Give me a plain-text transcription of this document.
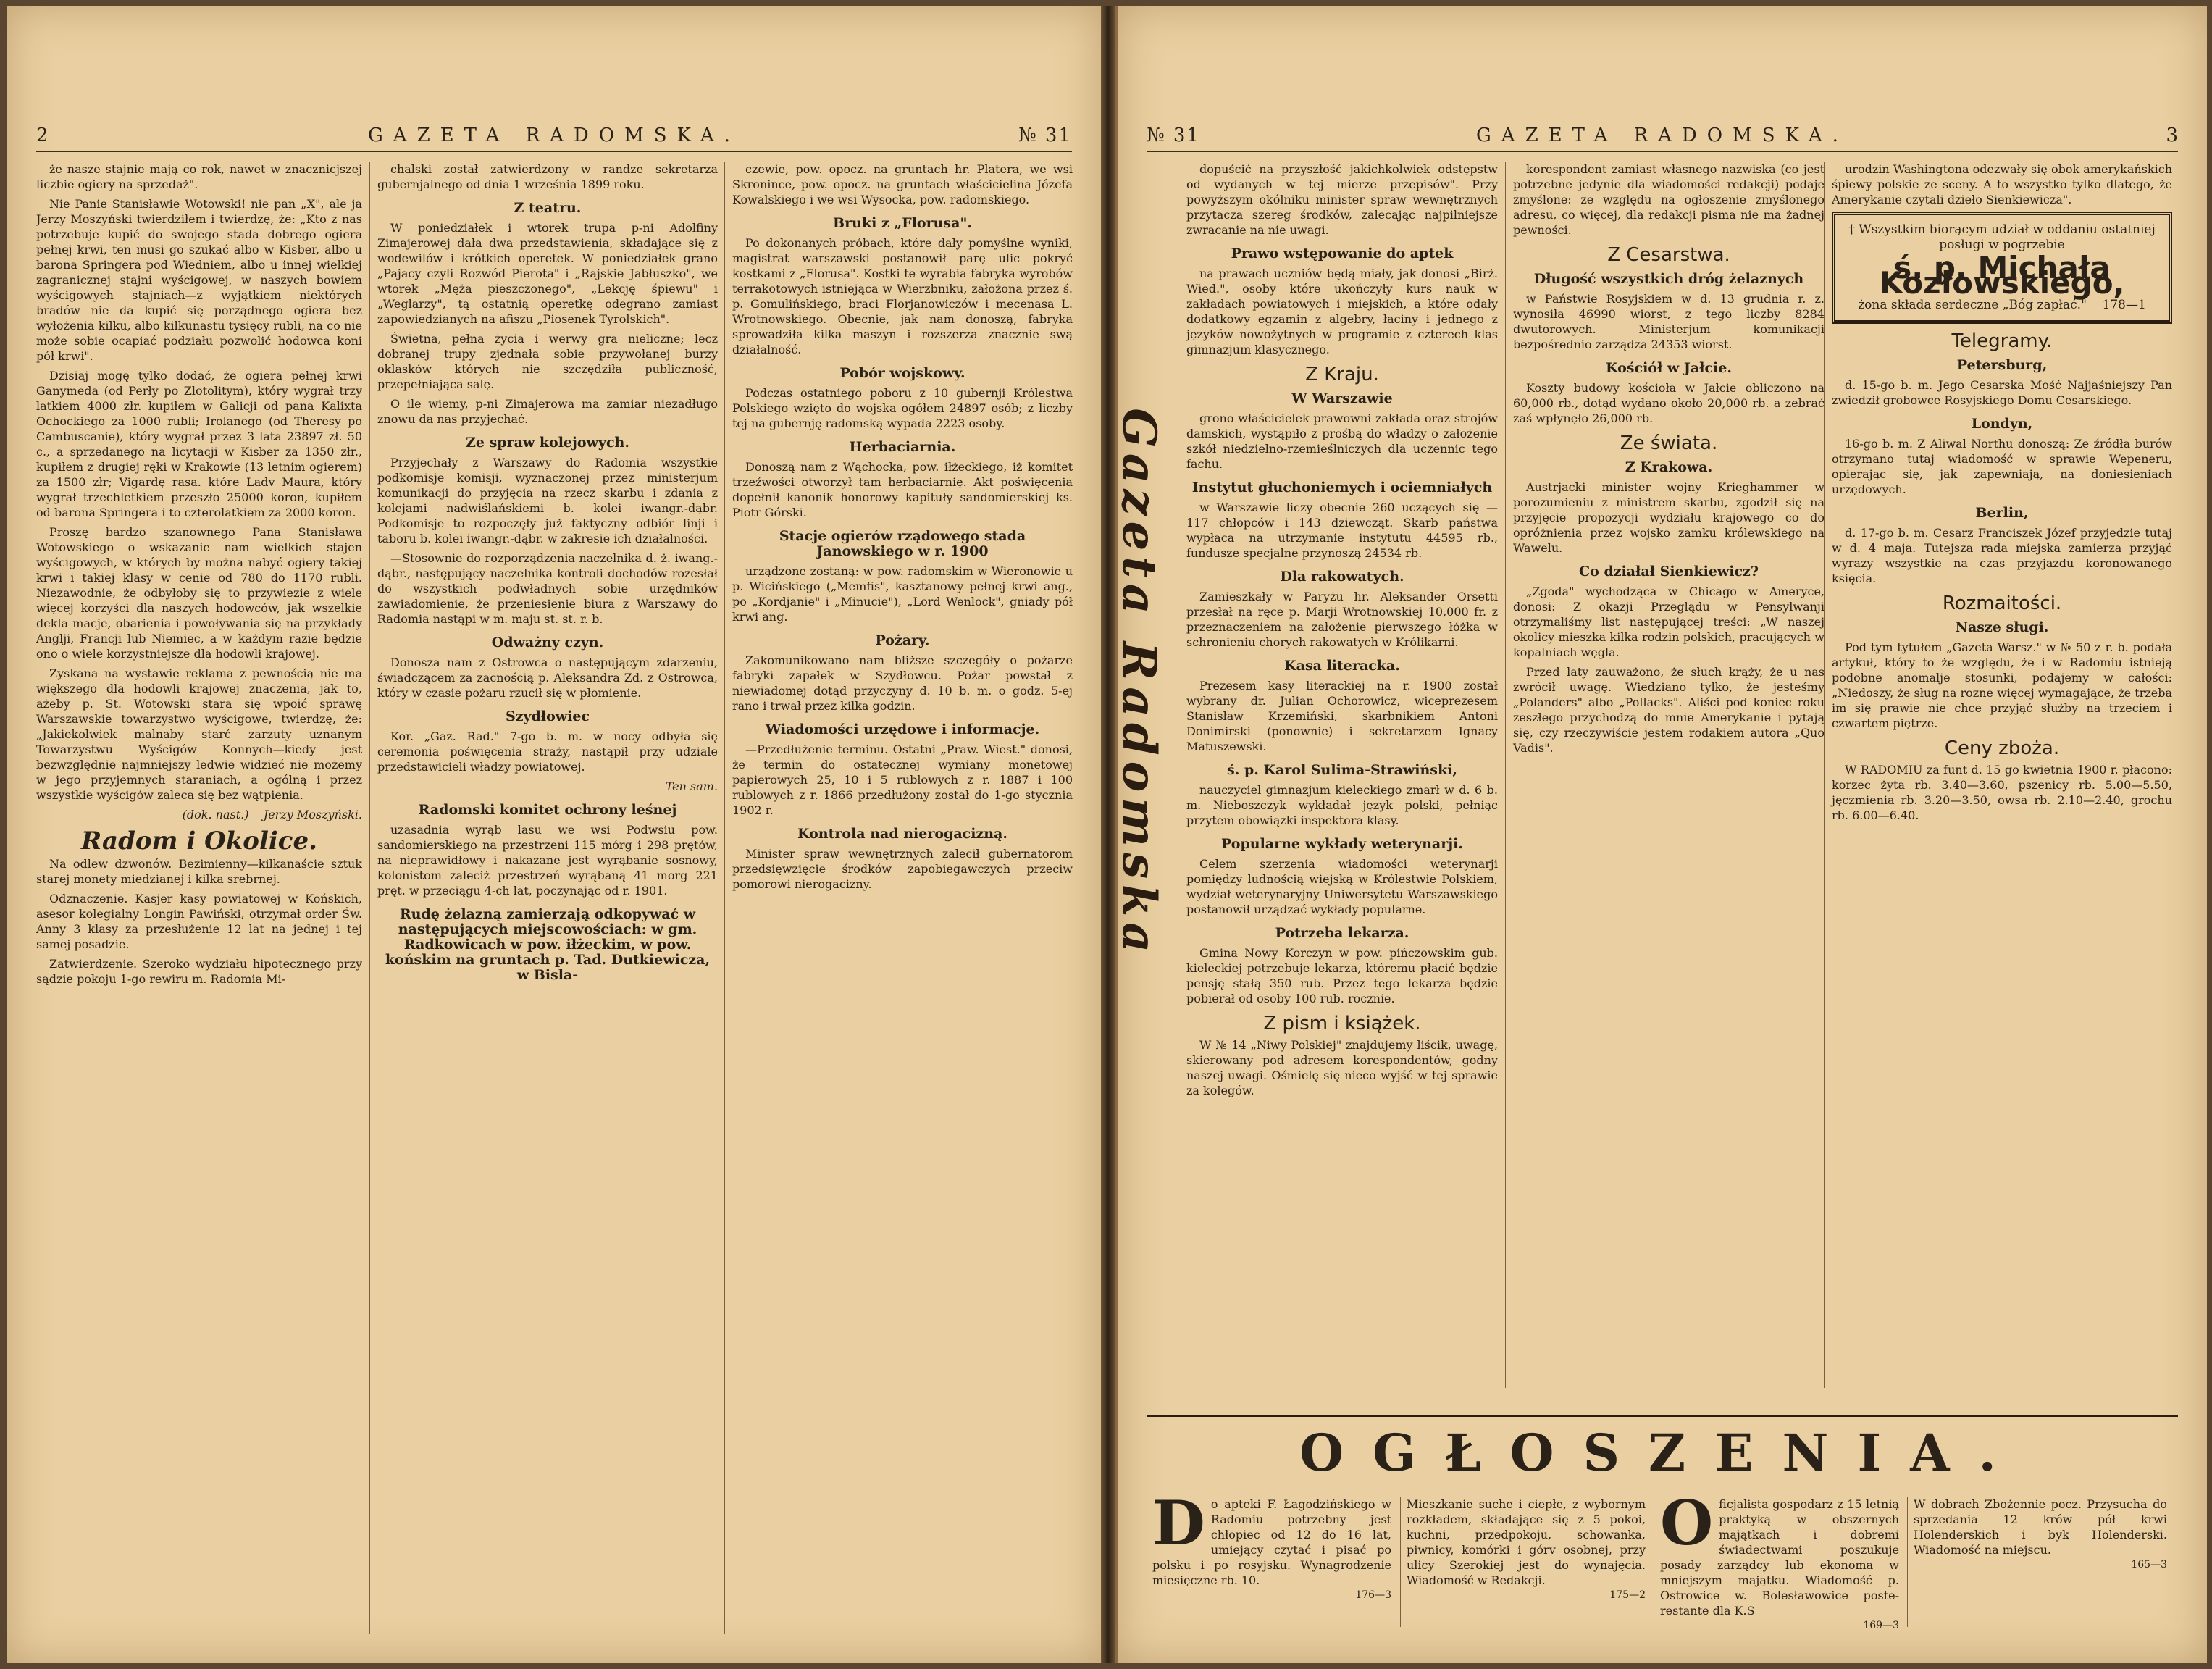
2	GAZETA RADOMSKA.	№ 31

że nasze stajnie mają co rok, nawet w znacznicjszej liczbie ogiery na sprzedaż".

Nie Panie Stanisławie Wotowski! nie pan „X", ale ja Jerzy Moszyński twierdziłem i twierdzę, że: „Kto z nas potrzebuje kupić do swojego stada dobrego ogiera pełnej krwi, ten musi go szukać albo w Kisber, albo u barona Springera pod Wiedniem, albo u innej wielkiej zagranicznej stajni wyścigowej, w naszych bowiem wyścigowych stajniach—z wyjątkiem niektórych bradów nie da kupić się porządnego ogiera bez wyłożenia kilku, albo kilkunastu tysięcy rubli, na co nie może sobie ocapiać podziału pozwolić hodowca koni pół krwi".

Dzisiaj mogę tylko dodać, że ogiera pełnej krwi Ganymeda (od Perły po Zlotolitym), który wygrał trzy latkiem 4000 złr. kupiłem w Galicji od pana Kalixta Ochockiego za 1000 rubli; Irolanego (od Theresy po Cambuscanie), który wygrał przez 3 lata 23897 zł. 50 c., a sprzedanego na licytacji w Kisber za 1350 złr., kupiłem z drugiej ręki w Krakowie (13 letnim ogierem) za 1500 złr; Vigardę rasa. które Ladv Maura, który wygrał trzechletkiem przeszło 25000 koron, kupiłem od barona Springera i to czterolatkiem za 2000 koron.

Proszę bardzo szanownego Pana Stanisława Wotowskiego o wskazanie nam wielkich stajen wyścigowych, w których by można nabyć ogiery takiej krwi i takiej klasy w cenie od 780 do 1170 rubli. Niezawodnie, że odbyłoby się to przywiezie z wiele więcej korzyści dla naszych hodowców, jak wszelkie dekla macje, obarienia i powoływania się na przykłady Anglji, Francji lub Niemiec, a w każdym razie będzie ono o wiele korzystniejsze dla hodowli krajowej.

Zyskana na wystawie reklama z pewnością nie ma większego dla hodowli krajowej znaczenia, jak to, ażeby p. St. Wotowski stara się wpoić sprawę Warszawskie towarzystwo wyścigowe, twierdzę, że: „Jakiekolwiek malnaby starć zarzuty uznanym Towarzystwu Wyścigów Konnych—kiedy jest bezwzględnie najmniejszy ledwie widzieć nie możemy w jego przyjemnych staraniach, a ogólną i przez wszystkie wyścigów zaleca się bez wątpienia.

(dok. nast.) Jerzy Moszyński.
Radom i Okolice.

Na odlew dzwonów. Bezimienny—kilkanaście sztuk starej monety miedzianej i kilka srebrnej.

Odznaczenie. Kasjer kasy powiatowej w Końskich, asesor kolegialny Longin Pawiński, otrzymał order Św. Anny 3 klasy za przesłużenie 12 lat na jednej i tej samej posadzie.

Zatwierdzenie. Szeroko wydziału hipotecznego przy sądzie pokoju 1-go rewiru m. Radomia Mi-

chalski został zatwierdzony w randze sekretarza gubernjalnego od dnia 1 września 1899 roku.

Z teatru.

W poniedziałek i wtorek trupa p-ni Adolfiny Zimajerowej dała dwa przedstawienia, składające się z wodewilów i krótkich operetek. W poniedziałek grano „Pajacy czyli Rozwód Pierota" i „Rajskie Jabłuszko", we wtorek „Męża pieszczonego", „Lekcję śpiewu" i „Weglarzy", tą ostatnią operetkę odegrano zamiast zapowiedzianych na afiszu „Piosenek Tyrolskich".

Świetna, pełna życia i werwy gra nieliczne; lecz dobranej trupy zjednała sobie przywołanej burzy oklasków których nie szczędziła publiczność, przepełniająca salę.

O ile wiemy, p-ni Zimajerowa ma zamiar niezadługo znowu da nas przyjechać.

Ze spraw kolejowych.

Przyjechały z Warszawy do Radomia wszystkie podkomisje komisji, wyznaczonej przez ministerjum komunikacji do przyjęcia na rzecz skarbu i zdania z kolejami nadwiślańskiemi b. kolei iwangr.-dąbr. Podkomisje to rozpoczęły już faktyczny odbiór linji i taboru b. kolei iwangr.-dąbr. w zakresie ich działalności.

—Stosownie do rozporządzenia naczelnika d. ż. iwang.-dąbr., następujący naczelnika kontroli dochodów rozesłał do wszystkich podwładnych sobie urzędników zawiadomienie, że przeniesienie biura z Warszawy do Radomia nastąpi w m. maju st. st. r. b.

Odważny czyn.

Donosza nam z Ostrowca o następującym zdarzeniu, świadczącem za zacnością p. Aleksandra Zd. z Ostrowca, który w czasie pożaru rzucił się w płomienie.

Szydłowiec

Kor. „Gaz. Rad." 7-go b. m. w nocy odbyła się ceremonia poświęcenia straży, nastąpił przy udziale przedstawicieli władzy powiatowej.

Ten sam.
Radomski komitet ochrony leśnej

uzasadnia wyrąb lasu we wsi Podwsiu pow. sandomierskiego na przestrzeni 115 mórg i 298 prętów, na nieprawidłowy i nakazane jest wyrąbanie sosnowy, kolonistom zaleciż przestrzeń wyrąbaną 41 morg 221 pręt. w przeciągu 4-ch lat, poczynając od r. 1901.

Rudę żelazną zamierzają odkopywać w następujących miejscowościach: w gm. Radkowicach w pow. iłżeckim, w pow. końskim na gruntach p. Tad. Dutkiewicza, w Bisla-

czewie, pow. opocz. na gruntach hr. Platera, we wsi Skronince, pow. opocz. na gruntach właścicielina Józefa Kowalskiego i we wsi Wysocka, pow. radomskiego.

Bruki z „Florusa".

Po dokonanych próbach, które dały pomyślne wyniki, magistrat warszawski postanowił parę ulic pokryć kostkami z „Florusa". Kostki te wyrabia fabryka wyrobów terrakotowych istniejąca w Wierzbniku, założona przez ś. p. Gomulińskiego, braci Florjanowiczów i mecenasa L. Wrotnowskiego. Obecnie, jak nam donoszą, fabryka sprowadziła kilka maszyn i rozszerza znacznie swą działalność.

Pobór wojskowy.

Podczas ostatniego poboru z 10 gubernji Królestwa Polskiego wzięto do wojska ogółem 24897 osób; z liczby tej na gubernję radomską wypada 2223 osoby.

Herbaciarnia.

Donoszą nam z Wąchocka, pow. iłżeckiego, iż komitet trzeźwości otworzył tam herbaciarnię. Akt poświęcenia dopełnił kanonik honorowy kapituły sandomierskiej ks. Piotr Górski.

Stacje ogierów rządowego stada Janowskiego w r. 1900

urządzone zostaną: w pow. radomskim w Wieronowie u p. Wicińskiego („Memfis", kasztanowy pełnej krwi ang., po „Kordjanie" i „Minucie"), „Lord Wenlock", gniady pół krwi ang.

Pożary.

Zakomunikowano nam bliższe szczegóły o pożarze fabryki zapałek w Szydłowcu. Pożar powstał z niewiadomej dotąd przyczyny d. 10 b. m. o godz. 5-ej rano i trwał przez kilka godzin.

Wiadomości urzędowe i informacje.

—Przedłużenie terminu. Ostatni „Praw. Wiest." donosi, że termin do ostatecznej wymiany monetowej papierowych 25, 10 i 5 rublowych z r. 1887 i 100 rublowych z r. 1866 przedłużony został do 1-go stycznia 1902 r.

Kontrola nad nierogacizną.

Minister spraw wewnętrznych zalecił gubernatorom przedsięwzięcie środków zapobiegawczych przeciw pomorowi nierogacizny.

№ 31	GAZETA RADOMSKA.	3

dopuścić na przyszłość jakichkolwiek odstępstw od wydanych w tej mierze przepisów". Przy powyższym okólniku minister spraw wewnętrznych przytacza szereg środków, zalecając najpilniejsze zwracanie na nie uwagi.

Prawo wstępowanie do aptek

na prawach uczniów będą miały, jak donosi „Birż. Wied.", osoby które ukończyły kurs nauk w zakładach powiatowych i miejskich, a które odały dodatkowy egzamin z algebry, łaciny i jednego z języków nowożytnych w programie z czterech klas gimnazjum klasycznego.

Z Kraju.
W Warszawie

grono właścicielek prawowni zakłada oraz strojów damskich, wystąpiło z prośbą do władzy o założenie szkół niedzielno-rzemieślniczych dla uczennic tego fachu.

Instytut głuchoniemych i ociemniałych

w Warszawie liczy obecnie 260 uczących się — 117 chłopców i 143 dziewcząt. Skarb państwa wypłaca na utrzymanie instytutu 44595 rb., fundusze specjalne przynoszą 24534 rb.

Dla rakowatych.

Zamieszkały w Paryżu hr. Aleksander Orsetti przesłał na ręce p. Marji Wrotnowskiej 10,000 fr. z przeznaczeniem na założenie pierwszego łóżka w schronieniu chorych rakowatych w Królikarni.

Kasa literacka.

Prezesem kasy literackiej na r. 1900 został wybrany dr. Julian Ochorowicz, wiceprezesem Stanisław Krzemiński, skarbnikiem Antoni Donimirski (ponownie) i sekretarzem Ignacy Matuszewski.

ś. p. Karol Sulima-Strawiński,

nauczyciel gimnazjum kieleckiego zmarł w d. 6 b. m. Nieboszczyk wykładał język polski, pełniąc przytem obowiązki inspektora klasy.

Popularne wykłady weterynarji.

Celem szerzenia wiadomości weterynarji pomiędzy ludnością wiejską w Królestwie Polskiem, wydział weterynaryjny Uniwersytetu Warszawskiego postanowił urządzać wykłady popularne.

Potrzeba lekarza.

Gmina Nowy Korczyn w pow. pińczowskim gub. kieleckiej potrzebuje lekarza, któremu płacić będzie pensję stałą 350 rub. Przez tego lekarza będzie pobierał od osoby 100 rub. rocznie.

Z pism i książek.

W № 14 „Niwy Polskiej" znajdujemy liścik, uwagę, skierowany pod adresem korespondentów, godny naszej uwagi. Ośmielę się nieco wyjść w tej sprawie za kolegów.

korespondent zamiast własnego nazwiska (co jest potrzebne jedynie dla wiadomości redakcji) podaje zmyślone: ze względu na ogłoszenie zmyślonego adresu, co więcej, dla redakcji pisma nie ma żadnej pewności.

Z Cesarstwa.
Długość wszystkich dróg żelaznych

w Państwie Rosyjskiem w d. 13 grudnia r. z. wynosiła 46990 wiorst, z tego liczby 8284 dwutorowych. Ministerjum komunikacji bezpośrednio zarządza 24353 wiorst.

Kościół w Jałcie.

Koszty budowy kościoła w Jałcie obliczono na 60,000 rb., dotąd wydano około 20,000 rb. a zebrać zaś wpłynęło 26,000 rb.

Ze świata.
Z Krakowa.

Austrjacki minister wojny Krieghammer w porozumieniu z ministrem skarbu, zgodził się na przyjęcie propozycji wydziału krajowego co do opróżnienia przez wojsko zamku królewskiego na Wawelu.

Co działał Sienkiewicz?

„Zgoda" wychodząca w Chicago w Ameryce, donosi: Z okazji Przeglądu w Pensylwanji otrzymaliśmy list następującej treści: „W naszej okolicy mieszka kilka rodzin polskich, pracujących w kopalniach węgla.

Przed laty zauważono, że słuch krąży, że u nas zwrócił uwagę. Wiedziano tylko, że jesteśmy „Polanders" albo „Pollacks". Aliści pod koniec roku zeszłego przychodzą do mnie Amerykanie i pytają się, czy rzeczywiście jestem rodakiem autora „Quo Vadis".

urodzin Washingtona odezwały się obok amerykańskich śpiewy polskie ze sceny. A to wszystko tylko dlatego, że Amerykanie czytali dzieło Sienkiewicza".

† Wszystkim biorącym udział w oddaniu ostatniej posługi w pogrzebie
ś. p. Michała Kozłowskiego,
żona składa serdeczne „Bóg zapłać." 178—1
Telegramy.
Petersburg,

d. 15-go b. m. Jego Cesarska Mość Najjaśniejszy Pan zwiedził grobowce Rosyjskiego Domu Cesarskiego.

Londyn,

16-go b. m. Z Aliwal Northu donoszą: Ze źródła burów otrzymano tutaj wiadomość w sprawie Wepeneru, opierając się, jak zapewniają, na doniesieniach urzędowych.

Berlin,

d. 17-go b. m. Cesarz Franciszek Józef przyjedzie tutaj w d. 4 maja. Tutejsza rada miejska zamierza przyjąć wyrazy wszystkie na czas przyjazdu koronowanego księcia.

Rozmaitości.
Nasze sługi.

Pod tym tytułem „Gazeta Warsz." w № 50 z r. b. podała artykuł, który to że względu, że i w Radomiu istnieją podobne anomalje stosunki, podajemy w całości: „Niedoszy, że sług na rozne więcej wymagające, że trzeba im się prawie nie chce przyjąć służby na trzeciem i czwartem piętrze.

Ceny zboża.

W RADOMIU za funt d. 15 go kwietnia 1900 r. płacono: korzec żyta rb. 3.40—3.60, pszenicy rb. 5.00—5.50, jęczmienia rb. 3.20—3.50, owsa rb. 2.10—2.40, grochu rb. 6.00—6.40.

OGŁOSZENIA.
D o apteki F. Łagodzińskiego w Radomiu potrzebny jest chłopiec od 12 do 16 lat, umiejący czytać i pisać po polsku i po rosyjsku. Wynagrodzenie miesięczne rb. 10.
176—3
Mieszkanie suche i ciepłe, z wybornym rozkładem, składające się z 5 pokoi, kuchni, przedpokoju, schowanka, piwnicy, komórki i górv osobnej, przy ulicy Szerokiej jest do wynajęcia. Wiadomość w Redakcji.
175—2
O ficjalista gospodarz z 15 letnią praktyką w obszernych majątkach i dobremi świadectwami poszukuje posady zarządcy lub ekonoma w mniejszym majątku. Wiadomość p. Ostrowice w. Bolesławowice poste-restante dla K.S
169—3
W dobrach Zbożennie pocz. Przysucha do sprzedania 12 krów pół krwi Holenderskich i byk Holenderski. Wiadomość na miejscu.
165—3
Gazeta Radomska
